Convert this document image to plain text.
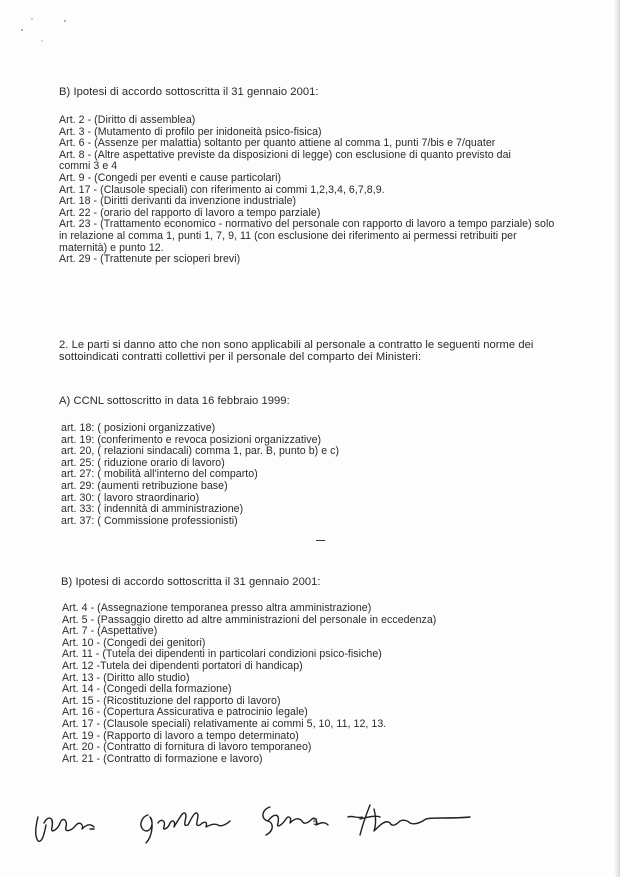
B) Ipotesi di accordo sottoscritta il 31 gennaio 2001:
Art. 2 - (Diritto di assemblea)
Art. 3 - (Mutamento di profilo per inidoneità psico-fisica)
Art. 6 - (Assenze per malattia) soltanto per quanto attiene al comma 1, punti 7/bis e 7/quater
Art. 8 - (Altre aspettative previste da disposizioni di legge) con esclusione di quanto previsto dai commi 3 e 4
Art. 9 - (Congedi per eventi e cause particolari)
Art. 17 - (Clausole speciali) con riferimento ai commi 1,2,3,4, 6,7,8,9.
Art. 18 - (Diritti derivanti da invenzione industriale)
Art. 22 - (orario del rapporto di lavoro a tempo parziale)
Art. 23 - (Trattamento economico - normativo del personale con rapporto di lavoro a tempo parziale) solo in relazione al comma 1, punti 1, 7, 9, 11 (con esclusione dei riferimento ai permessi retribuiti per maternità) e punto 12.
Art. 29 - (Trattenute per scioperi brevi)
2. Le parti si danno atto che non sono applicabili al personale a contratto le seguenti norme dei sottoindicati contratti collettivi per il personale del comparto dei Ministeri:
A) CCNL sottoscritto in data 16 febbraio 1999:
art. 18: ( posizioni organizzative)
art. 19: (conferimento e revoca posizioni organizzative)
art. 20, ( relazioni sindacali) comma 1, par. B, punto b) e c)
art. 25: ( riduzione orario di lavoro)
art. 27: ( mobilità all'interno del comparto)
art. 29: (aumenti retribuzione base)
art. 30: ( lavoro straordinario)
art. 33: ( indennità di amministrazione)
art. 37: ( Commissione professionisti)
B) Ipotesi di accordo sottoscritta il 31 gennaio 2001:
Art. 4 - (Assegnazione temporanea presso altra amministrazione)
Art. 5 - (Passaggio diretto ad altre amministrazioni del personale in eccedenza)
Art. 7 - (Aspettative)
Art. 10 - (Congedi dei genitori)
Art. 11 - (Tutela dei dipendenti in particolari condizioni psico-fisiche)
Art. 12 -Tutela dei dipendenti portatori di handicap)
Art. 13 - (Diritto allo studio)
Art. 14 - (Congedi della formazione)
Art. 15 - (Ricostituzione del rapporto di lavoro)
Art. 16 - (Copertura Assicurativa e patrocinio legale)
Art. 17 - (Clausole speciali) relativamente ai commi 5, 10, 11, 12, 13.
Art. 19 - (Rapporto di lavoro a tempo determinato)
Art. 20 - (Contratto di fornitura di lavoro temporaneo)
Art. 21 - (Contratto di formazione e lavoro)
5
